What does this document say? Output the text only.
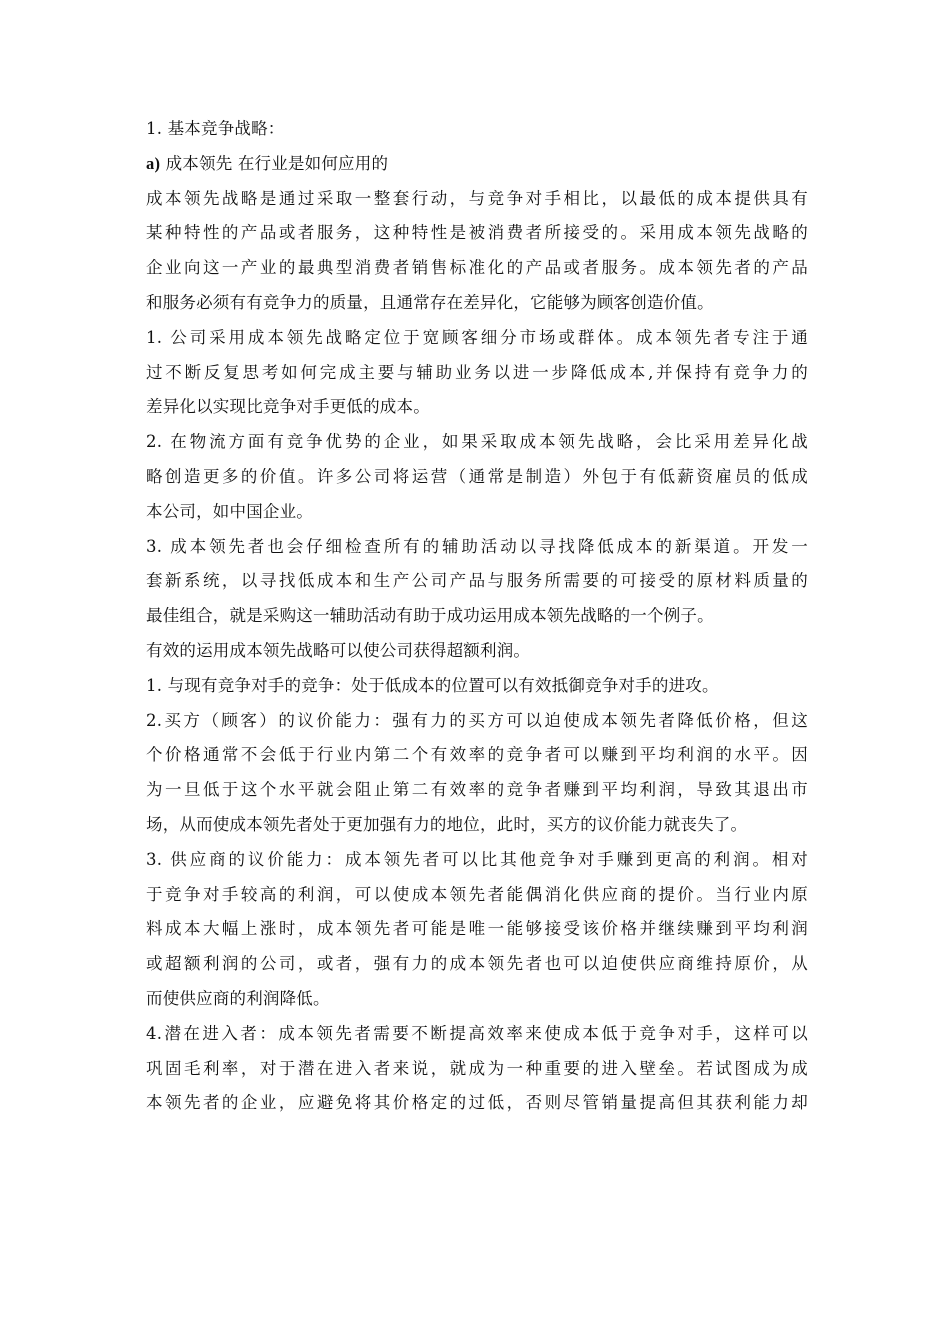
1. 基本竞争战略：
a) 成本领先 在行业是如何应用的
成本领先战略是通过采取一整套行动，与竞争对手相比，以最低的成本提供具有
某种特性的产品或者服务，这种特性是被消费者所接受的。采用成本领先战略的
企业向这一产业的最典型消费者销售标准化的产品或者服务。成本领先者的产品
和服务必须有有竞争力的质量，且通常存在差异化，它能够为顾客创造价值。
1. 公司采用成本领先战略定位于宽顾客细分市场或群体。成本领先者专注于通
过不断反复思考如何完成主要与辅助业务以进一步降低成本,并保持有竞争力的
差异化以实现比竞争对手更低的成本。
2. 在物流方面有竞争优势的企业，如果采取成本领先战略，会比采用差异化战
略创造更多的价值。许多公司将运营（通常是制造）外包于有低薪资雇员的低成
本公司，如中国企业。
3. 成本领先者也会仔细检查所有的辅助活动以寻找降低成本的新渠道。开发一
套新系统，以寻找低成本和生产公司产品与服务所需要的可接受的原材料质量的
最佳组合，就是采购这一辅助活动有助于成功运用成本领先战略的一个例子。
有效的运用成本领先战略可以使公司获得超额利润。
1. 与现有竞争对手的竞争：处于低成本的位置可以有效抵御竞争对手的进攻。
2.买方（顾客）的议价能力：强有力的买方可以迫使成本领先者降低价格，但这
个价格通常不会低于行业内第二个有效率的竞争者可以赚到平均利润的水平。因
为一旦低于这个水平就会阻止第二有效率的竞争者赚到平均利润，导致其退出市
场，从而使成本领先者处于更加强有力的地位，此时，买方的议价能力就丧失了。
3. 供应商的议价能力：成本领先者可以比其他竞争对手赚到更高的利润。相对
于竞争对手较高的利润，可以使成本领先者能偶消化供应商的提价。当行业内原
料成本大幅上涨时，成本领先者可能是唯一能够接受该价格并继续赚到平均利润
或超额利润的公司，或者，强有力的成本领先者也可以迫使供应商维持原价，从
而使供应商的利润降低。
4.潜在进入者：成本领先者需要不断提高效率来使成本低于竞争对手，这样可以
巩固毛利率，对于潜在进入者来说，就成为一种重要的进入壁垒。若试图成为成
本领先者的企业，应避免将其价格定的过低，否则尽管销量提高但其获利能力却
